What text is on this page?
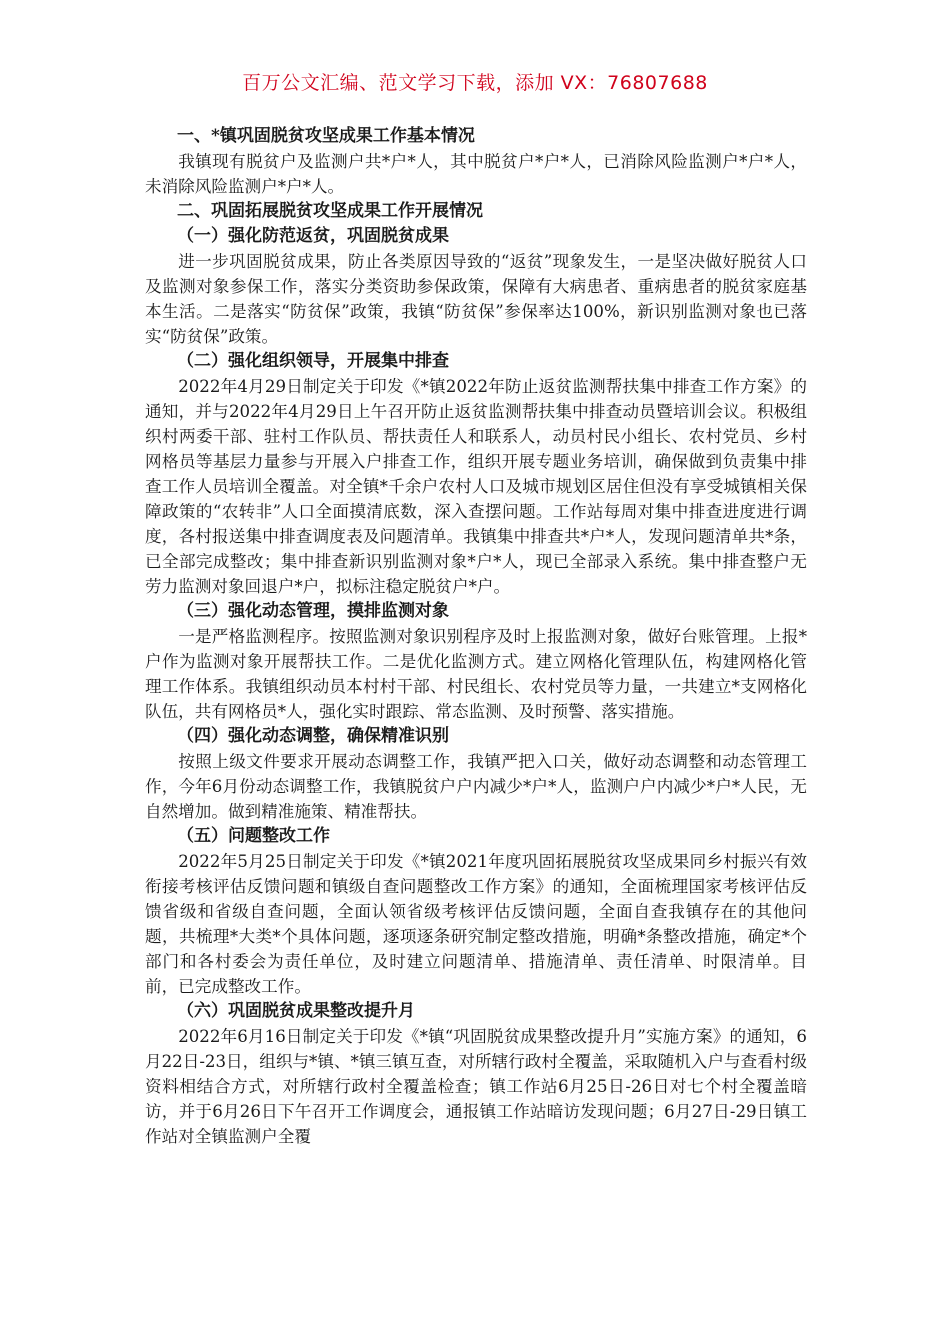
百万公文汇编、范文学习下载，添加 VX：76807688
一、*镇巩固脱贫攻坚成果工作基本情况
我镇现有脱贫户及监测户共*户*人，其中脱贫户*户*人，已消除风险监测户*户*人，未消除风险监测户*户*人。
二、巩固拓展脱贫攻坚成果工作开展情况
（一）强化防范返贫，巩固脱贫成果
进一步巩固脱贫成果，防止各类原因导致的“返贫”现象发生，一是坚决做好脱贫人口及监测对象参保工作，落实分类资助参保政策，保障有大病患者、重病患者的脱贫家庭基本生活。二是落实“防贫保”政策，我镇“防贫保”参保率达100%，新识别监测对象也已落实“防贫保”政策。
（二）强化组织领导，开展集中排查
2022年4月29日制定关于印发《*镇2022年防止返贫监测帮扶集中排查工作方案》的通知，并与2022年4月29日上午召开防止返贫监测帮扶集中排查动员暨培训会议。积极组织村两委干部、驻村工作队员、帮扶责任人和联系人，动员村民小组长、农村党员、乡村网格员等基层力量参与开展入户排查工作，组织开展专题业务培训，确保做到负责集中排查工作人员培训全覆盖。对全镇*千余户农村人口及城市规划区居住但没有享受城镇相关保障政策的“农转非”人口全面摸清底数，深入查摆问题。工作站每周对集中排查进度进行调度，各村报送集中排查调度表及问题清单。我镇集中排查共*户*人，发现问题清单共*条，已全部完成整改；集中排查新识别监测对象*户*人，现已全部录入系统。集中排查整户无劳力监测对象回退户*户，拟标注稳定脱贫户*户。
（三）强化动态管理，摸排监测对象
一是严格监测程序。按照监测对象识别程序及时上报监测对象，做好台账管理。上报*户作为监测对象开展帮扶工作。二是优化监测方式。建立网格化管理队伍，构建网格化管理工作体系。我镇组织动员本村村干部、村民组长、农村党员等力量，一共建立*支网格化队伍，共有网格员*人，强化实时跟踪、常态监测、及时预警、落实措施。
（四）强化动态调整，确保精准识别
按照上级文件要求开展动态调整工作，我镇严把入口关，做好动态调整和动态管理工作，今年6月份动态调整工作，我镇脱贫户户内减少*户*人，监测户户内减少*户*人民，无自然增加。做到精准施策、精准帮扶。
（五）问题整改工作
2022年5月25日制定关于印发《*镇2021年度巩固拓展脱贫攻坚成果同乡村振兴有效衔接考核评估反馈问题和镇级自查问题整改工作方案》的通知，全面梳理国家考核评估反馈省级和省级自查问题，全面认领省级考核评估反馈问题，全面自查我镇存在的其他问题，共梳理*大类*个具体问题，逐项逐条研究制定整改措施，明确*条整改措施，确定*个部门和各村委会为责任单位，及时建立问题清单、措施清单、责任清单、时限清单。目前，已完成整改工作。
（六）巩固脱贫成果整改提升月
2022年6月16日制定关于印发《*镇“巩固脱贫成果整改提升月”实施方案》的通知，6月22日-23日，组织与*镇、*镇三镇互查，对所辖行政村全覆盖，采取随机入户与查看村级资料相结合方式，对所辖行政村全覆盖检查；镇工作站6月25日-26日对七个村全覆盖暗访，并于6月26日下午召开工作调度会，通报镇工作站暗访发现问题；6月27日-29日镇工作站对全镇监测户全覆
